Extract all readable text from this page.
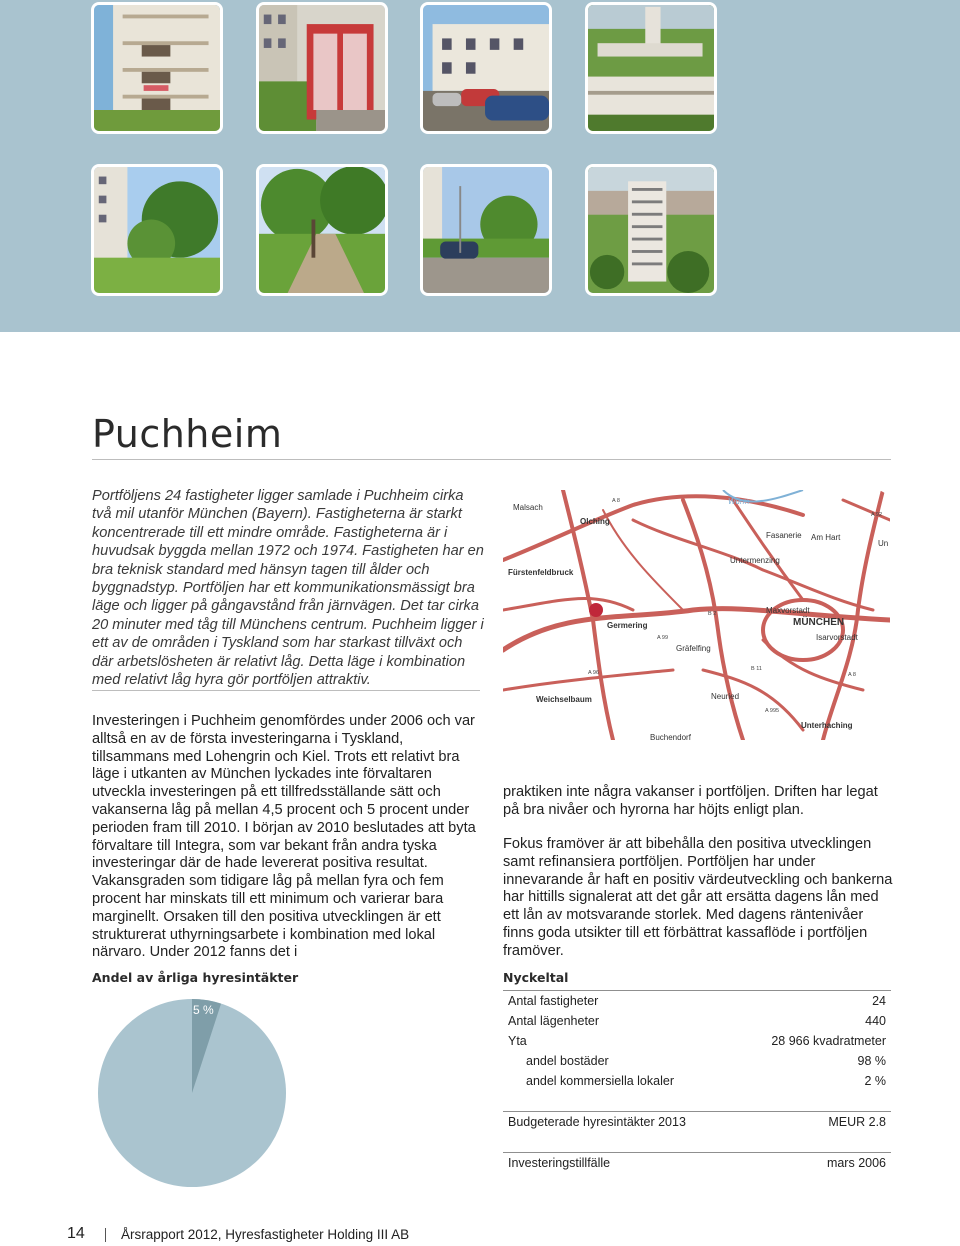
Puchheim

Portföljens 24 fastigheter ligger samlade i Puchheim cirka två mil utanför München (Bayern). Fastigheterna är starkt koncentrerade till ett mindre område. Fastigheterna är i huvudsak byggda mellan 1972 och 1974. Fastigheten har en bra teknisk standard med hänsyn tagen till ålder och byggnadstyp. Portföljen har ett kommunikationsmässigt bra läge och ligger på gångavstånd från järnvägen. Det tar cirka 20 minuter med tåg till Münchens centrum. Puchheim ligger i ett av de områden i Tyskland som har starkast tillväxt och där arbetslösheten är relativt låg. Detta läge i kombination med relativt låg hyra gör portföljen attraktiv.

Investeringen i Puchheim genomfördes under 2006 och var alltså en av de första investeringarna i Tyskland, tillsammans med Lohengrin och Kiel. Trots ett relativt bra läge i utkanten av München lyckades inte förvaltaren utveckla investeringen på ett tillfredsställande sätt och vakanserna låg på mellan 4,5 procent och 5 procent under perioden fram till 2010. I början av 2010 beslutades att byta förvaltare till Integra, som var bekant från andra tyska investeringar där de hade levererat positiva resultat. Vakansgraden som tidigare låg på mellan fyra och fem procent har minskats till ett minimum och varierar bara marginellt. Orsaken till den positiva utvecklingen är ett strukturerat uthyrningsarbete i kombination med lokal närvaro. Under 2012 fanns det i

praktiken inte några vakanser i portföljen. Driften har legat på bra nivåer och hyrorna har höjts enligt plan.

Fokus framöver är att bibehålla den positiva utvecklingen samt refinansiera portföljen. Portföljen har under innevarande år haft en positiv värdeutveckling och bankerna har hittills signalerat att det går att ersätta dagens lån med ett lån av motsvarande storlek. Med dagens räntenivåer finns goda utsikter till ett förbättrat kassaflöde i portföljen framöver.

Malsach
Olching
Fürstenfeldbruck
Germering
Gräfelfing
Maxvorstadt
MÜNCHEN
Isarvorstadt
Fasanerie Am Hart
Untermenzing
Weichselbaum	Neuried
Buchendorf
Unterhaching
Un
A 8
A 99
B 2
A 96
B 11
A 8
A 995
A 92
Würm
Andel av årliga hyresintäkter
5 %
Nyckeltal
Antal fastigheter	24
Antal lägenheter	440
Yta	28 966 kvadratmeter
andel bostäder	98 %
andel kommersiella lokaler	2 %
Budgeterade hyresintäkter 2013	MEUR 2.8
Investeringstillfälle	mars 2006
14	Årsrapport 2012, Hyresfastigheter Holding III AB
